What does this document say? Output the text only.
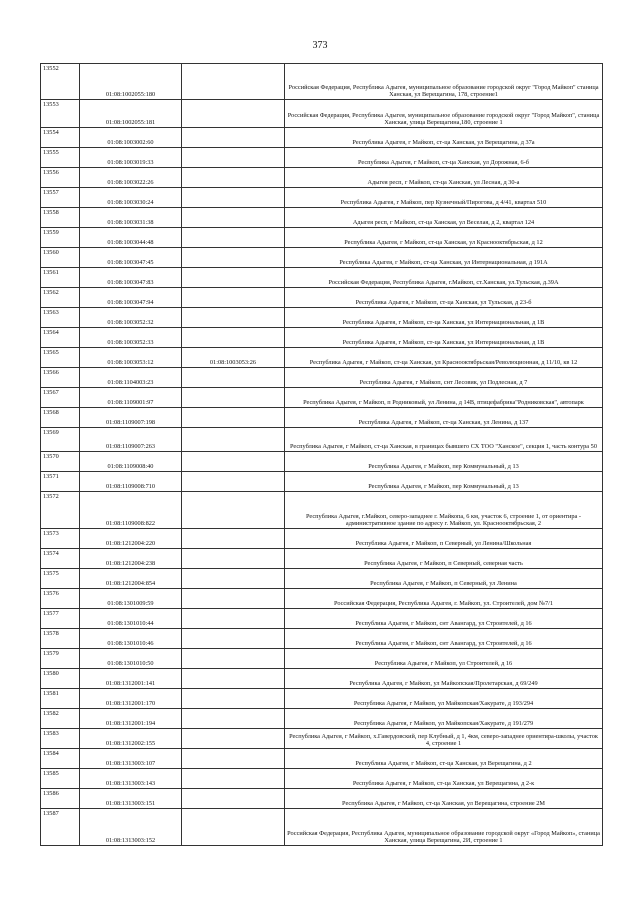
373
13552	01:08:1002055:180		Российская Федерация, Республика Адыгея, муниципальное образование городской округ "Город Майкоп" станица Ханская, ул Верещагина, 178, строение1
13553	01:08:1002055:181		Российская Федерация, Республика Адыгея, муниципальное образование городской округ "Город Майкоп", станица Ханская, улица Верещагина,180, строение 1
13554	01:08:1003002:60		Республика Адыгея, г Майкоп, ст-ца Ханская, ул Верещагина, д 37а
13555	01:08:1003019:33		Республика Адыгея, г Майкоп, ст-ца Ханская, ул Дорожная, 6-б
13556	01:08:1003022:26		Адыгея респ, г Майкоп, ст-ца Ханская, ул Лесная, д 30-а
13557	01:08:1003030:24		Республика Адыгея, г Майкоп, пер Кузнечный/Пирогова, д 4/41, квартал 510
13558	01:08:1003031:38		Адыгея респ, г Майкоп, ст-ца Ханская, ул Веселая, д 2, квартал 124
13559	01:08:1003044:48		Республика Адыгея, г Майкоп, ст-ца Ханская, ул Краснооктябрьская, д 12
13560	01:08:1003047:45		Республика Адыгея, г Майкоп, ст-ца Ханская, ул Интернациональная, д 191А
13561	01:08:1003047:83		Российская Федерация, Республика Адыгея, г.Майкоп, ст.Ханская, ул.Тульская, д.39А
13562	01:08:1003047:94		Республика Адыгея, г Майкоп, ст-ца Ханская, ул Тульская, д 23-б
13563	01:08:1003052:32		Республика Адыгея, г Майкоп, ст-ца Ханская, ул Интернациональная, д 1В
13564	01:08:1003052:33		Республика Адыгея, г Майкоп, ст-ца Ханская, ул Интернациональная, д 1В
13565	01:08:1003053:12	01:08:1003053:26	Республика Адыгея, г Майкоп, ст-ца Ханская, ул Краснооктябрьская/Революционная, д 11/10, кв 12
13566	01:08:1104003:23		Республика Адыгея, г Майкоп, снт Лесовик, ул Подлесная, д 7
13567	01:08:1109001:97		Республика Адыгея, г Майкоп, п Родниковый, ул Ленина, д 14В, птицефабрика"Родниковская", автопарк
13568	01:08:1109007:198		Республика Адыгея, г Майкоп, ст-ца Ханская, ул Ленина, д 137
13569	01:08:1109007:263		Республика Адыгея, г Майкоп, ст-ца Ханская, в границах бывшего СХ ТОО "Ханское", секция 1, часть контура 50
13570	01:08:1109008:40		Республика Адыгея, г Майкоп, пер Коммунальный, д 13
13571	01:08:1109008:710		Республика Адыгея, г Майкоп, пер Коммунальный, д 13
13572	01:08:1109008:822		Республика Адыгея, г.Майкоп, северо-западнее г. Майкопа, 6 км, участок 6, строение 1, от ориентира - административное здание по адресу г. Майкоп, ул. Краснооктябрьская, 2
13573	01:08:1212004:220		Республика Адыгея, г Майкоп, п Северный, ул Ленина/Школьная
13574	01:08:1212004:238		Республика Адыгея, г Майкоп, п Северный, северная часть
13575	01:08:1212004:854		Республика Адыгея, г Майкоп, п Северный, ул Ленина
13576	01:08:1301009:59		Российская Федерация, Республика Адыгея, г. Майкоп, ул. Строителей, дом №7/1
13577	01:08:1301010:44		Республика Адыгея, г Майкоп, снт Авангард, ул Строителей, д 16
13578	01:08:1301010:46		Республика Адыгея, г Майкоп, снт Авангард, ул Строителей, д 16
13579	01:08:1301010:50		Республика Адыгея, г Майкоп, ул Строителей, д 16
13580	01:08:1312001:141		Республика Адыгея, г Майкоп, ул Майкопская/Пролетарская, д 69/249
13581	01:08:1312001:170		Республика Адыгея, г Майкоп, ул Майкопская/Хакурате, д 193/294
13582	01:08:1312001:194		Республика Адыгея, г Майкоп, ул Майкопская/Хакурате, д 191/279
13583	01:08:1312002:155		Республика Адыгея, г Майкоп, х.Гавердовский, пер Клубный, д 1, 4км, северо-западнее ориентира-школы, участок 4, строение 1
13584	01:08:1313003:107		Республика Адыгея, г Майкоп, ст-ца Ханская, ул Верещагина, д 2
13585	01:08:1313003:143		Республика Адыгея, г Майкоп, ст-ца Ханская, ул Верещагина, д 2-к
13586	01:08:1313003:151		Республика Адыгея, г Майкоп, ст-ца Ханская, ул Верещагина, строение 2М
13587	01:08:1313003:152		Российская Федерация, Республика Адыгея, муниципальное образование городской округ «Город Майкоп», станица Ханская, улица Верещагина, 2И, строение 1
